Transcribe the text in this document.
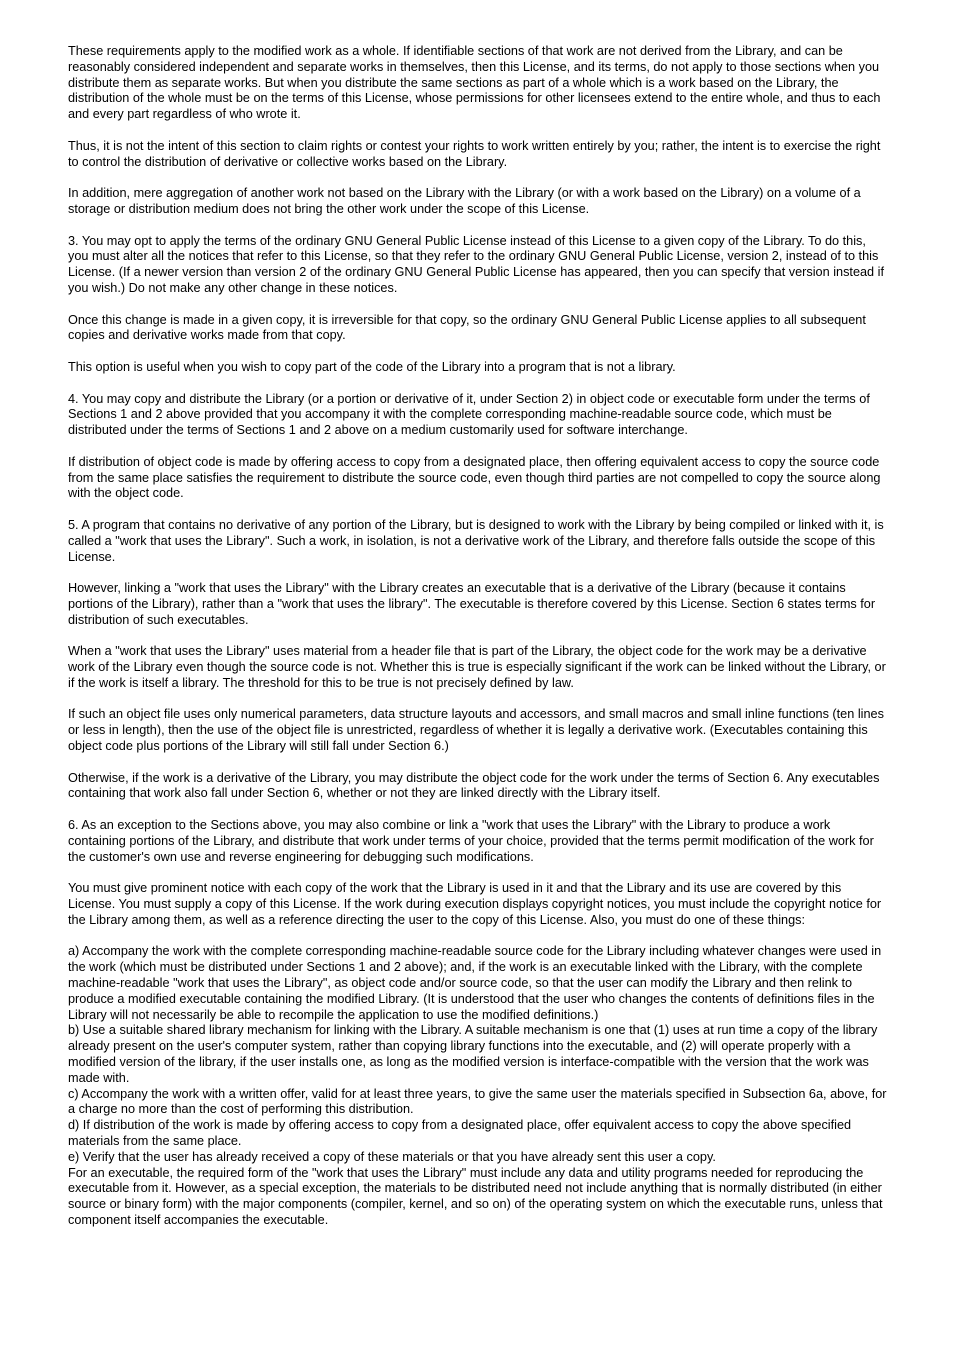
These requirements apply to the modified work as a whole. If identifiable sections of that work are not derived from the Library, and can be reasonably considered independent and separate works in themselves, then this License, and its terms, do not apply to those sections when you distribute them as separate works. But when you distribute the same sections as part of a whole which is a work based on the Library, the distribution of the whole must be on the terms of this License, whose permissions for other licensees extend to the entire whole, and thus to each and every part regardless of who wrote it.

Thus, it is not the intent of this section to claim rights or contest your rights to work written entirely by you; rather, the intent is to exercise the right to control the distribution of derivative or collective works based on the Library.

In addition, mere aggregation of another work not based on the Library with the Library (or with a work based on the Library) on a volume of a storage or distribution medium does not bring the other work under the scope of this License.

3. You may opt to apply the terms of the ordinary GNU General Public License instead of this License to a given copy of the Library. To do this, you must alter all the notices that refer to this License, so that they refer to the ordinary GNU General Public License, version 2, instead of to this License. (If a newer version than version 2 of the ordinary GNU General Public License has appeared, then you can specify that version instead if you wish.) Do not make any other change in these notices.

Once this change is made in a given copy, it is irreversible for that copy, so the ordinary GNU General Public License applies to all subsequent copies and derivative works made from that copy.

This option is useful when you wish to copy part of the code of the Library into a program that is not a library.

4. You may copy and distribute the Library (or a portion or derivative of it, under Section 2) in object code or executable form under the terms of Sections 1 and 2 above provided that you accompany it with the complete corresponding machine-readable source code, which must be distributed under the terms of Sections 1 and 2 above on a medium customarily used for software interchange.

If distribution of object code is made by offering access to copy from a designated place, then offering equivalent access to copy the source code from the same place satisfies the requirement to distribute the source code, even though third parties are not compelled to copy the source along with the object code.

5. A program that contains no derivative of any portion of the Library, but is designed to work with the Library by being compiled or linked with it, is called a "work that uses the Library". Such a work, in isolation, is not a derivative work of the Library, and therefore falls outside the scope of this License.

However, linking a "work that uses the Library" with the Library creates an executable that is a derivative of the Library (because it contains portions of the Library), rather than a "work that uses the library". The executable is therefore covered by this License. Section 6 states terms for distribution of such executables.

When a "work that uses the Library" uses material from a header file that is part of the Library, the object code for the work may be a derivative work of the Library even though the source code is not. Whether this is true is especially significant if the work can be linked without the Library, or if the work is itself a library. The threshold for this to be true is not precisely defined by law.

If such an object file uses only numerical parameters, data structure layouts and accessors, and small macros and small inline functions (ten lines or less in length), then the use of the object file is unrestricted, regardless of whether it is legally a derivative work. (Executables containing this object code plus portions of the Library will still fall under Section 6.)

Otherwise, if the work is a derivative of the Library, you may distribute the object code for the work under the terms of Section 6. Any executables containing that work also fall under Section 6, whether or not they are linked directly with the Library itself.

6. As an exception to the Sections above, you may also combine or link a "work that uses the Library" with the Library to produce a work containing portions of the Library, and distribute that work under terms of your choice, provided that the terms permit modification of the work for the customer's own use and reverse engineering for debugging such modifications.

You must give prominent notice with each copy of the work that the Library is used in it and that the Library and its use are covered by this License. You must supply a copy of this License. If the work during execution displays copyright notices, you must include the copyright notice for the Library among them, as well as a reference directing the user to the copy of this License. Also, you must do one of these things:

a) Accompany the work with the complete corresponding machine-readable source code for the Library including whatever changes were used in the work (which must be distributed under Sections 1 and 2 above); and, if the work is an executable linked with the Library, with the complete machine-readable "work that uses the Library", as object code and/or source code, so that the user can modify the Library and then relink to produce a modified executable containing the modified Library. (It is understood that the user who changes the contents of definitions files in the Library will not necessarily be able to recompile the application to use the modified definitions.)

b) Use a suitable shared library mechanism for linking with the Library. A suitable mechanism is one that (1) uses at run time a copy of the library already present on the user's computer system, rather than copying library functions into the executable, and (2) will operate properly with a modified version of the library, if the user installs one, as long as the modified version is interface-compatible with the version that the work was made with.

c) Accompany the work with a written offer, valid for at least three years, to give the same user the materials specified in Subsection 6a, above, for a charge no more than the cost of performing this distribution.

d) If distribution of the work is made by offering access to copy from a designated place, offer equivalent access to copy the above specified materials from the same place.

e) Verify that the user has already received a copy of these materials or that you have already sent this user a copy.

For an executable, the required form of the "work that uses the Library" must include any data and utility programs needed for reproducing the executable from it. However, as a special exception, the materials to be distributed need not include anything that is normally distributed (in either source or binary form) with the major components (compiler, kernel, and so on) of the operating system on which the executable runs, unless that component itself accompanies the executable.
